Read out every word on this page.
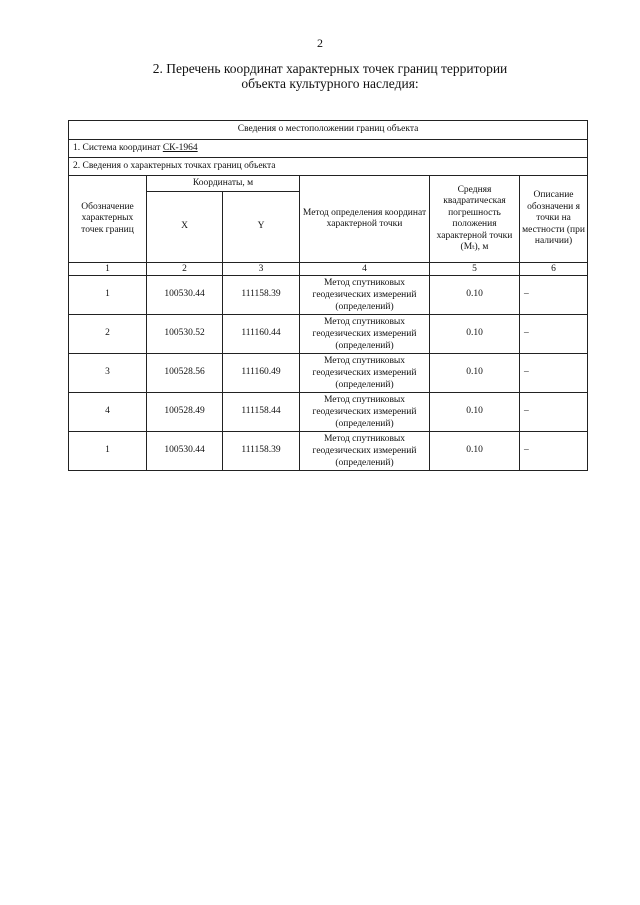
2
2. Перечень координат характерных точек границ территории
объекта культурного наследия:
Сведения о местоположении границ объекта					
1. Система координат СК-1964					
2. Сведения о характерных точках границ объекта					
Обозначение характерных точек границ	Координаты, м		Метод определения координат характерной точки	Средняя квадратическая погрешность положения характерной точки (Mₜ), м	Описание обозначени я точки на местности (при наличии)
	X	Y			
1	2	3	4	5	6
1	100530.44	111158.39	Метод спутниковых геодезических измерений (определений)	0.10	–
2	100530.52	111160.44	Метод спутниковых геодезических измерений (определений)	0.10	–
3	100528.56	111160.49	Метод спутниковых геодезических измерений (определений)	0.10	–
4	100528.49	111158.44	Метод спутниковых геодезических измерений (определений)	0.10	–
1	100530.44	111158.39	Метод спутниковых геодезических измерений (определений)	0.10	–
